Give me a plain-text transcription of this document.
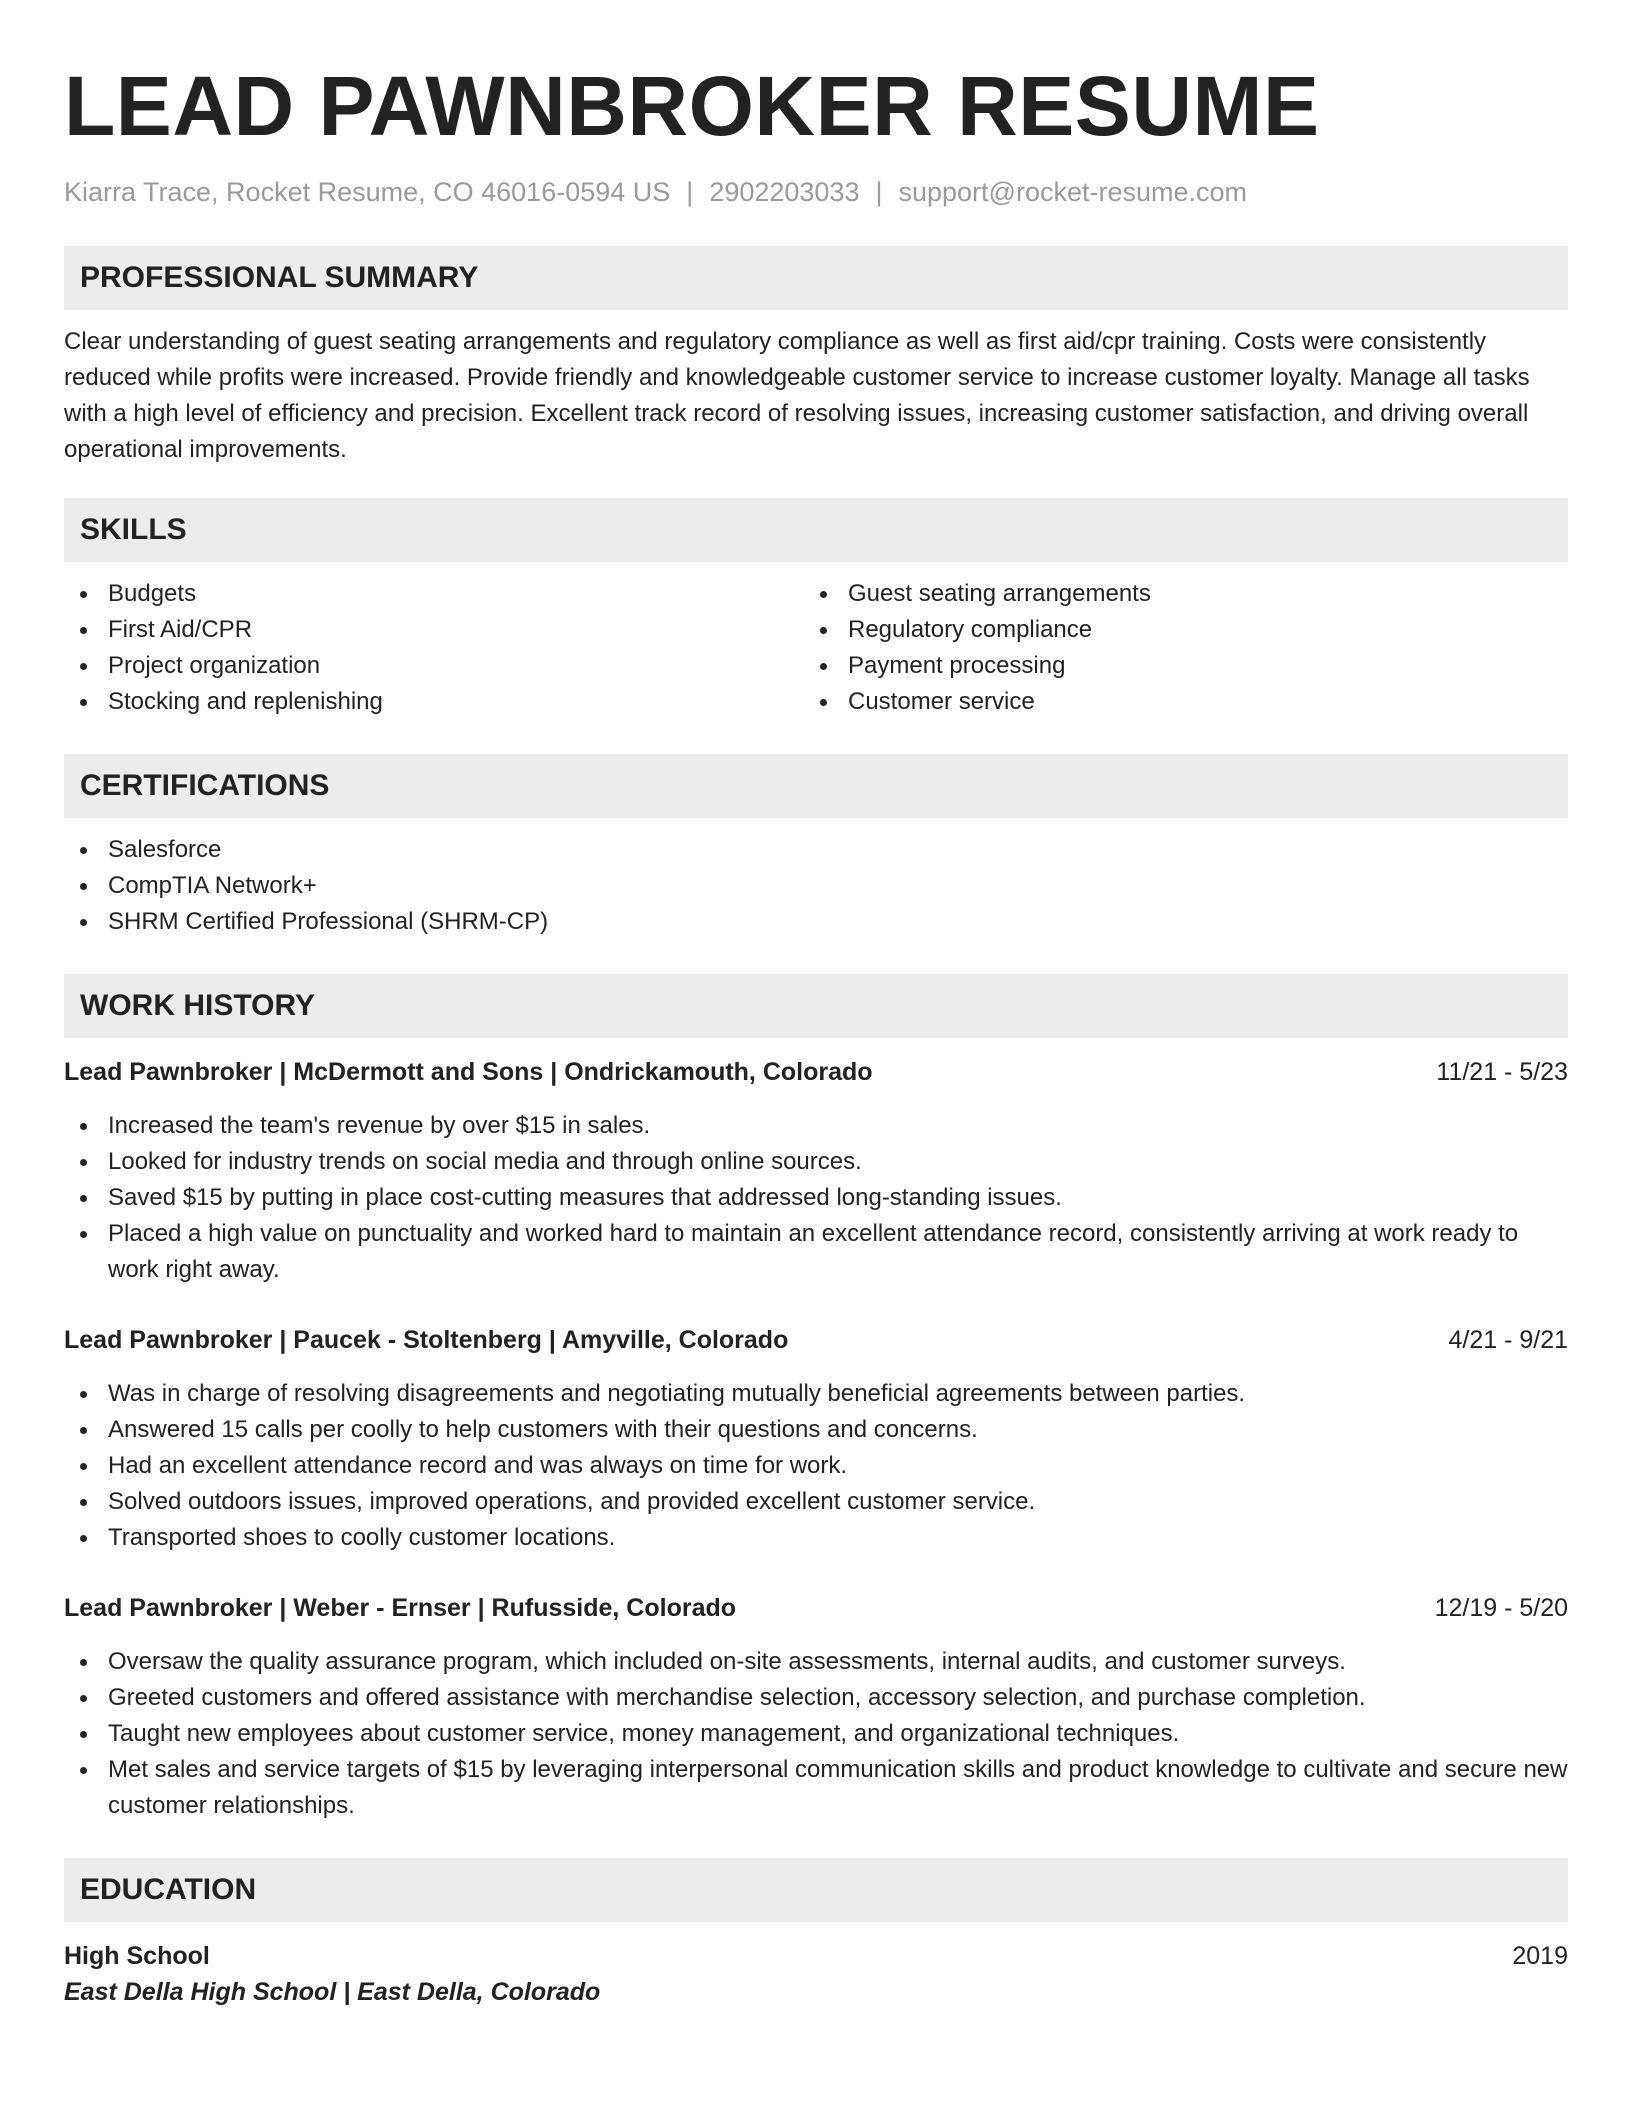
LEAD PAWNBROKER RESUME
Kiarra Trace, Rocket Resume, CO 46016-0594 US | 2902203033 | support@rocket-resume.com
PROFESSIONAL SUMMARY
Clear understanding of guest seating arrangements and regulatory compliance as well as first aid/cpr training. Costs were consistently reduced while profits were increased. Provide friendly and knowledgeable customer service to increase customer loyalty. Manage all tasks with a high level of efficiency and precision. Excellent track record of resolving issues, increasing customer satisfaction, and driving overall operational improvements.
SKILLS
Budgets
First Aid/CPR
Project organization
Stocking and replenishing
Guest seating arrangements
Regulatory compliance
Payment processing
Customer service
CERTIFICATIONS
Salesforce
CompTIA Network+
SHRM Certified Professional (SHRM-CP)
WORK HISTORY
Lead Pawnbroker | McDermott and Sons | Ondrickamouth, Colorado	11/21 - 5/23
Increased the team's revenue by over $15 in sales.
Looked for industry trends on social media and through online sources.
Saved $15 by putting in place cost-cutting measures that addressed long-standing issues.
Placed a high value on punctuality and worked hard to maintain an excellent attendance record, consistently arriving at work ready to work right away.
Lead Pawnbroker | Paucek - Stoltenberg | Amyville, Colorado	4/21 - 9/21
Was in charge of resolving disagreements and negotiating mutually beneficial agreements between parties.
Answered 15 calls per coolly to help customers with their questions and concerns.
Had an excellent attendance record and was always on time for work.
Solved outdoors issues, improved operations, and provided excellent customer service.
Transported shoes to coolly customer locations.
Lead Pawnbroker | Weber - Ernser | Rufusside, Colorado	12/19 - 5/20
Oversaw the quality assurance program, which included on-site assessments, internal audits, and customer surveys.
Greeted customers and offered assistance with merchandise selection, accessory selection, and purchase completion.
Taught new employees about customer service, money management, and organizational techniques.
Met sales and service targets of $15 by leveraging interpersonal communication skills and product knowledge to cultivate and secure new customer relationships.
EDUCATION
High School	2019
East Della High School | East Della, Colorado
